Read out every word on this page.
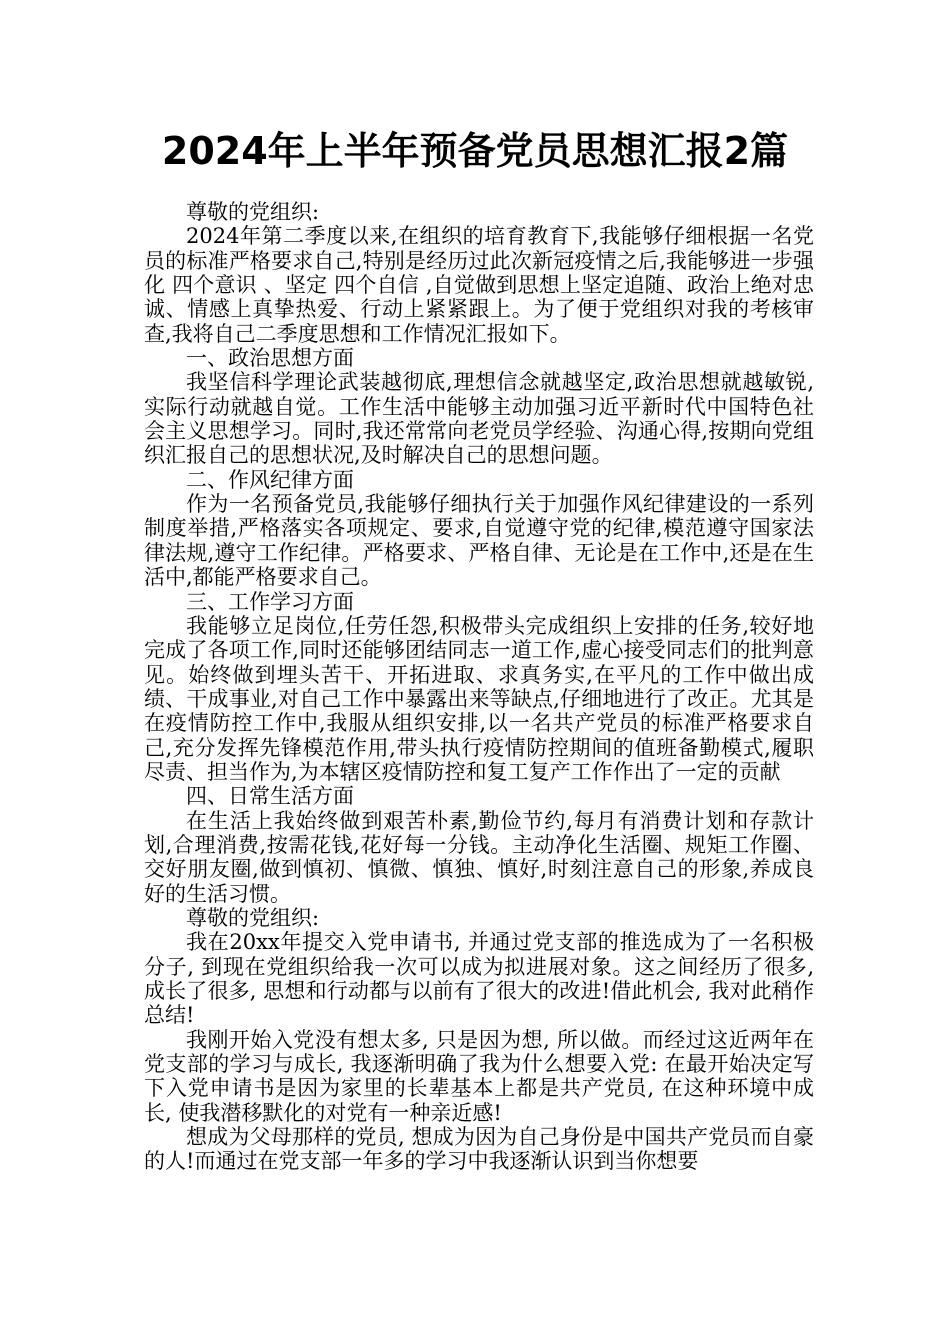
2024年上半年预备党员思想汇报2篇

尊敬的党组织:

2024年第二季度以来,在组织的培育教育下,我能够仔细根据一名党员的标准严格要求自己,特别是经历过此次新冠疫情之后,我能够进一步强化 四个意识 、坚定 四个自信 ,自觉做到思想上坚定追随、政治上绝对忠诚、情感上真挚热爱、行动上紧紧跟上。为了便于党组织对我的考核审查,我将自己二季度思想和工作情况汇报如下。

一、政治思想方面

我坚信科学理论武装越彻底,理想信念就越坚定,政治思想就越敏锐,实际行动就越自觉。工作生活中能够主动加强习近平新时代中国特色社会主义思想学习。同时,我还常常向老党员学经验、沟通心得,按期向党组织汇报自己的思想状况,及时解决自己的思想问题。

二、作风纪律方面

作为一名预备党员,我能够仔细执行关于加强作风纪律建设的一系列制度举措,严格落实各项规定、要求,自觉遵守党的纪律,模范遵守国家法律法规,遵守工作纪律。严格要求、严格自律、无论是在工作中,还是在生活中,都能严格要求自己。

三、工作学习方面

我能够立足岗位,任劳任怨,积极带头完成组织上安排的任务,较好地完成了各项工作,同时还能够团结同志一道工作,虚心接受同志们的批判意见。始终做到埋头苦干、开拓进取、求真务实,在平凡的工作中做出成绩、干成事业,对自己工作中暴露出来等缺点,仔细地进行了改正。尤其是在疫情防控工作中,我服从组织安排,以一名共产党员的标准严格要求自己,充分发挥先锋模范作用,带头执行疫情防控期间的值班备勤模式,履职尽责、担当作为,为本辖区疫情防控和复工复产工作作出了一定的贡献

四、日常生活方面

在生活上我始终做到艰苦朴素,勤俭节约,每月有消费计划和存款计划,合理消费,按需花钱,花好每一分钱。主动净化生活圈、规矩工作圈、交好朋友圈,做到慎初、慎微、慎独、慎好,时刻注意自己的形象,养成良好的生活习惯。

尊敬的党组织:

我在20xx年提交入党申请书, 并通过党支部的推选成为了一名积极分子, 到现在党组织给我一次可以成为拟进展对象。这之间经历了很多, 成长了很多, 思想和行动都与以前有了很大的改进!借此机会, 我对此稍作总结!

我刚开始入党没有想太多, 只是因为想, 所以做。而经过这近两年在党支部的学习与成长, 我逐渐明确了我为什么想要入党: 在最开始决定写下入党申请书是因为家里的长辈基本上都是共产党员, 在这种环境中成长, 使我潜移默化的对党有一种亲近感!

想成为父母那样的党员, 想成为因为自己身份是中国共产党员而自豪的人!而通过在党支部一年多的学习中我逐渐认识到当你想要
